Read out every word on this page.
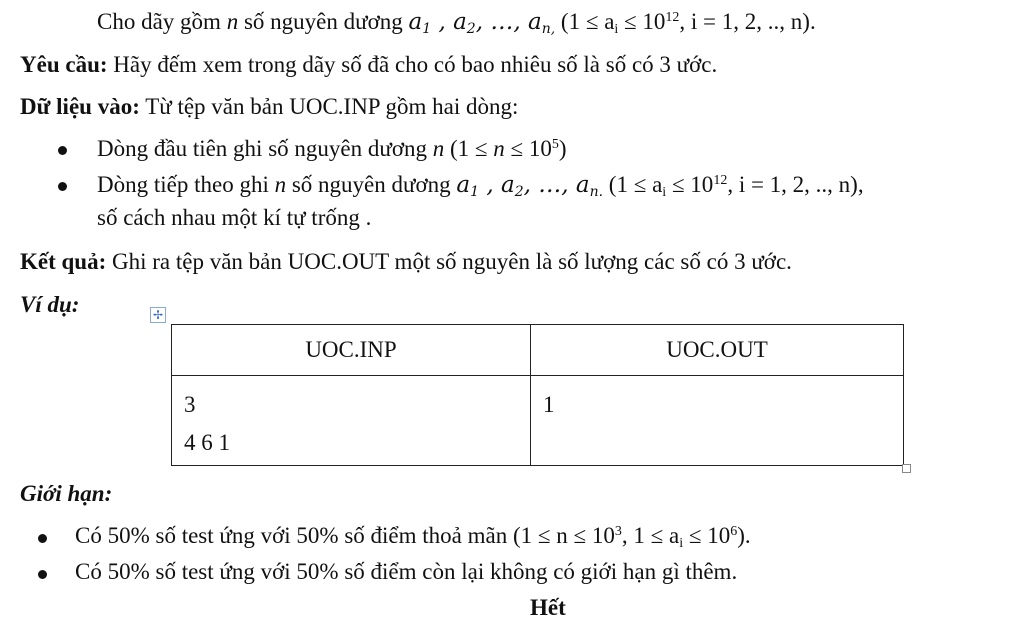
Cho dãy gồm n số nguyên dương $a_1$ , $a_2$, …, $a_{n,}$ ($1 \le a_i \le 10^{12}$, i = 1, 2, .., n).
Yêu cầu: Hãy đếm xem trong dãy số đã cho có bao nhiêu số là số có 3 ước.
Dữ liệu vào: Từ tệp văn bản UOC.INP gồm hai dòng:
Dòng đầu tiên ghi số nguyên dương n $(1 \le n \le 10^5)$
Dòng tiếp theo ghi n số nguyên dương $a_1$ , $a_2$, …, $a_{n.}$ ($1 \le a_i \le 10^{12}$, i = 1, 2, .., n),
số cách nhau một kí tự trống .
Kết quả: Ghi ra tệp văn bản UOC.OUT một số nguyên là số lượng các số có 3 ước.
Ví dụ:	✢
UOC.INP	UOC.OUT

3
4 6 1	1
Giới hạn:
Có 50% số test ứng với 50% số điểm thoả mãn ($1 \le n \le 10^3$, $1 \le a_i \le 10^6$).
Có 50% số test ứng với 50% số điểm còn lại không có giới hạn gì thêm.
Hết
